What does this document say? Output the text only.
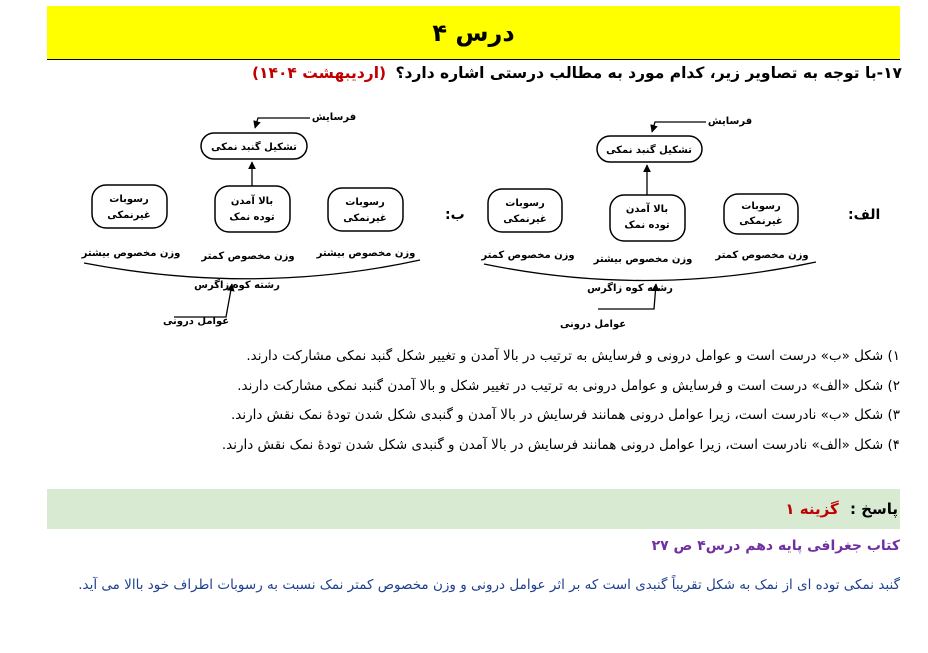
درس ۴
۱۷-با توجه به تصاویر زیر، کدام مورد به مطالب درستی اشاره دارد؟ (اردیبهشت ۱۴۰۴)
الف:
فرسایش
تشکیل گنبد نمکی
رسوبات
غیرنمکی
بالا آمدن
توده نمک
رسوبات
غیرنمکی
وزن مخصوص کمتر
وزن مخصوص بیشتر
وزن مخصوص کمتر
رشته کوه زاگرس
عوامل درونی
ب:
فرسایش
تشکیل گنبد نمکی
رسوبات
غیرنمکی
بالا آمدن
توده نمک
رسوبات
غیرنمکی
وزن مخصوص بیشتر
وزن مخصوص کمتر
وزن مخصوص بیشتر
رشته کوه زاگرس
عوامل درونی
۱) شکل «ب» درست است و عوامل درونی و فرسایش به ترتیب در بالا آمدن و تغییر شکل گنبد نمکی مشارکت دارند.
۲) شکل «الف» درست است و فرسایش و عوامل درونی به ترتیب در تغییر شکل و بالا آمدن گنبد نمکی مشارکت دارند.
۳) شکل «ب» نادرست است، زیرا عوامل درونی همانند فرسایش در بالا آمدن و گنبدی شکل شدن تودهٔ نمک نقش دارند.
۴) شکل «الف» نادرست است، زیرا عوامل درونی همانند فرسایش در بالا آمدن و گنبدی شکل شدن تودهٔ نمک نقش دارند.
پاسخ : گزینه ۱
کتاب جغرافی پایه دهم درس۴ ص ۲۷
گنبد نمکی توده ای از نمک به شکل تقریباً گنبدی است که بر اثر عوامل درونی و وزن مخصوص کمتر نمک نسبت به رسوبات اطراف خود باالا می آید.
